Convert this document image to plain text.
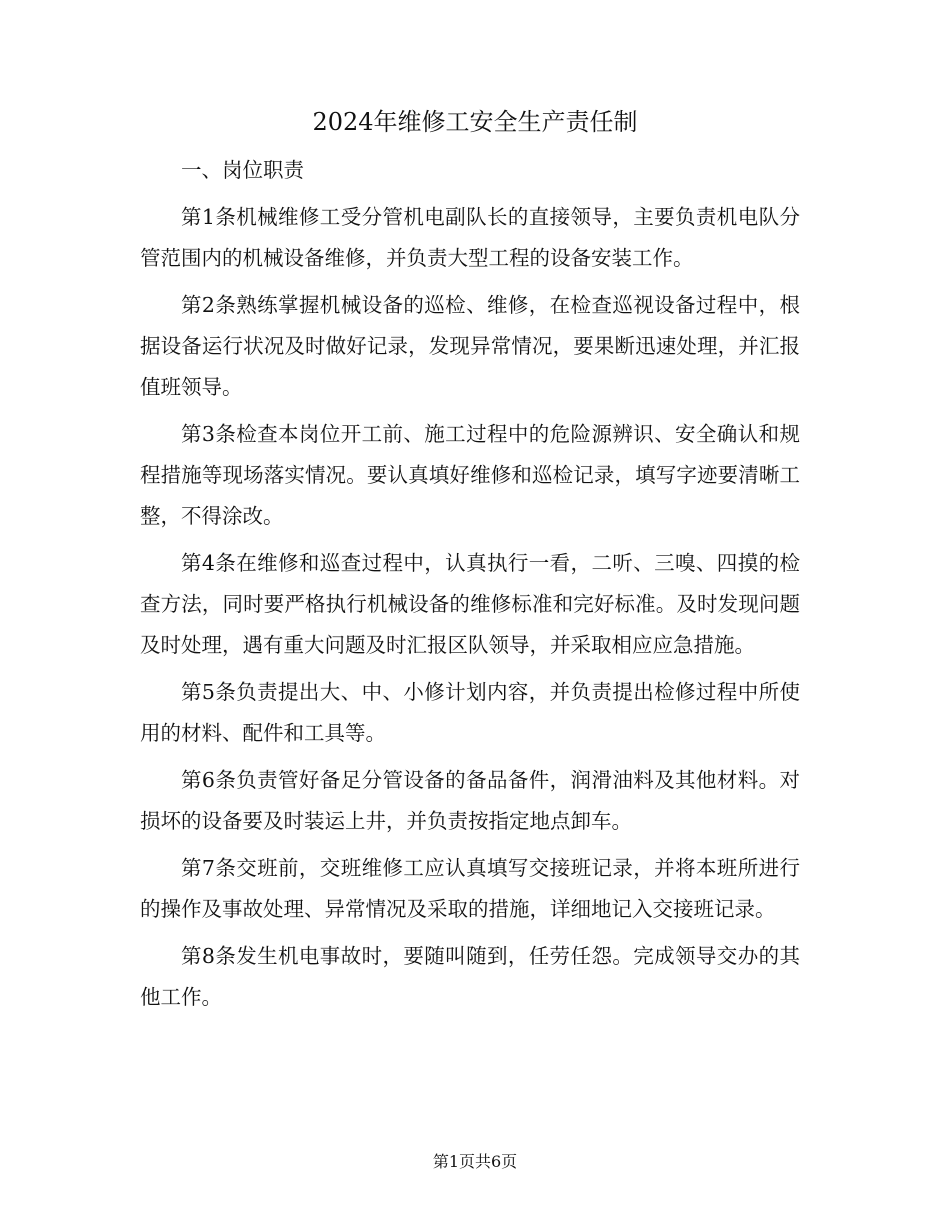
2024年维修工安全生产责任制

一、岗位职责

第1条机械维修工受分管机电副队长的直接领导，主要负责机电队分管范围内的机械设备维修，并负责大型工程的设备安装工作。

第2条熟练掌握机械设备的巡检、维修，在检查巡视设备过程中，根据设备运行状况及时做好记录，发现异常情况，要果断迅速处理，并汇报值班领导。

第3条检查本岗位开工前、施工过程中的危险源辨识、安全确认和规程措施等现场落实情况。要认真填好维修和巡检记录，填写字迹要清晰工整，不得涂改。

第4条在维修和巡查过程中，认真执行一看，二听、三嗅、四摸的检查方法，同时要严格执行机械设备的维修标准和完好标准。及时发现问题及时处理，遇有重大问题及时汇报区队领导，并采取相应应急措施。

第5条负责提出大、中、小修计划内容，并负责提出检修过程中所使用的材料、配件和工具等。

第6条负责管好备足分管设备的备品备件，润滑油料及其他材料。对损坏的设备要及时装运上井，并负责按指定地点卸车。

第7条交班前，交班维修工应认真填写交接班记录，并将本班所进行的操作及事故处理、异常情况及采取的措施，详细地记入交接班记录。

第8条发生机电事故时，要随叫随到，任劳任怨。完成领导交办的其他工作。

第1页共6页
